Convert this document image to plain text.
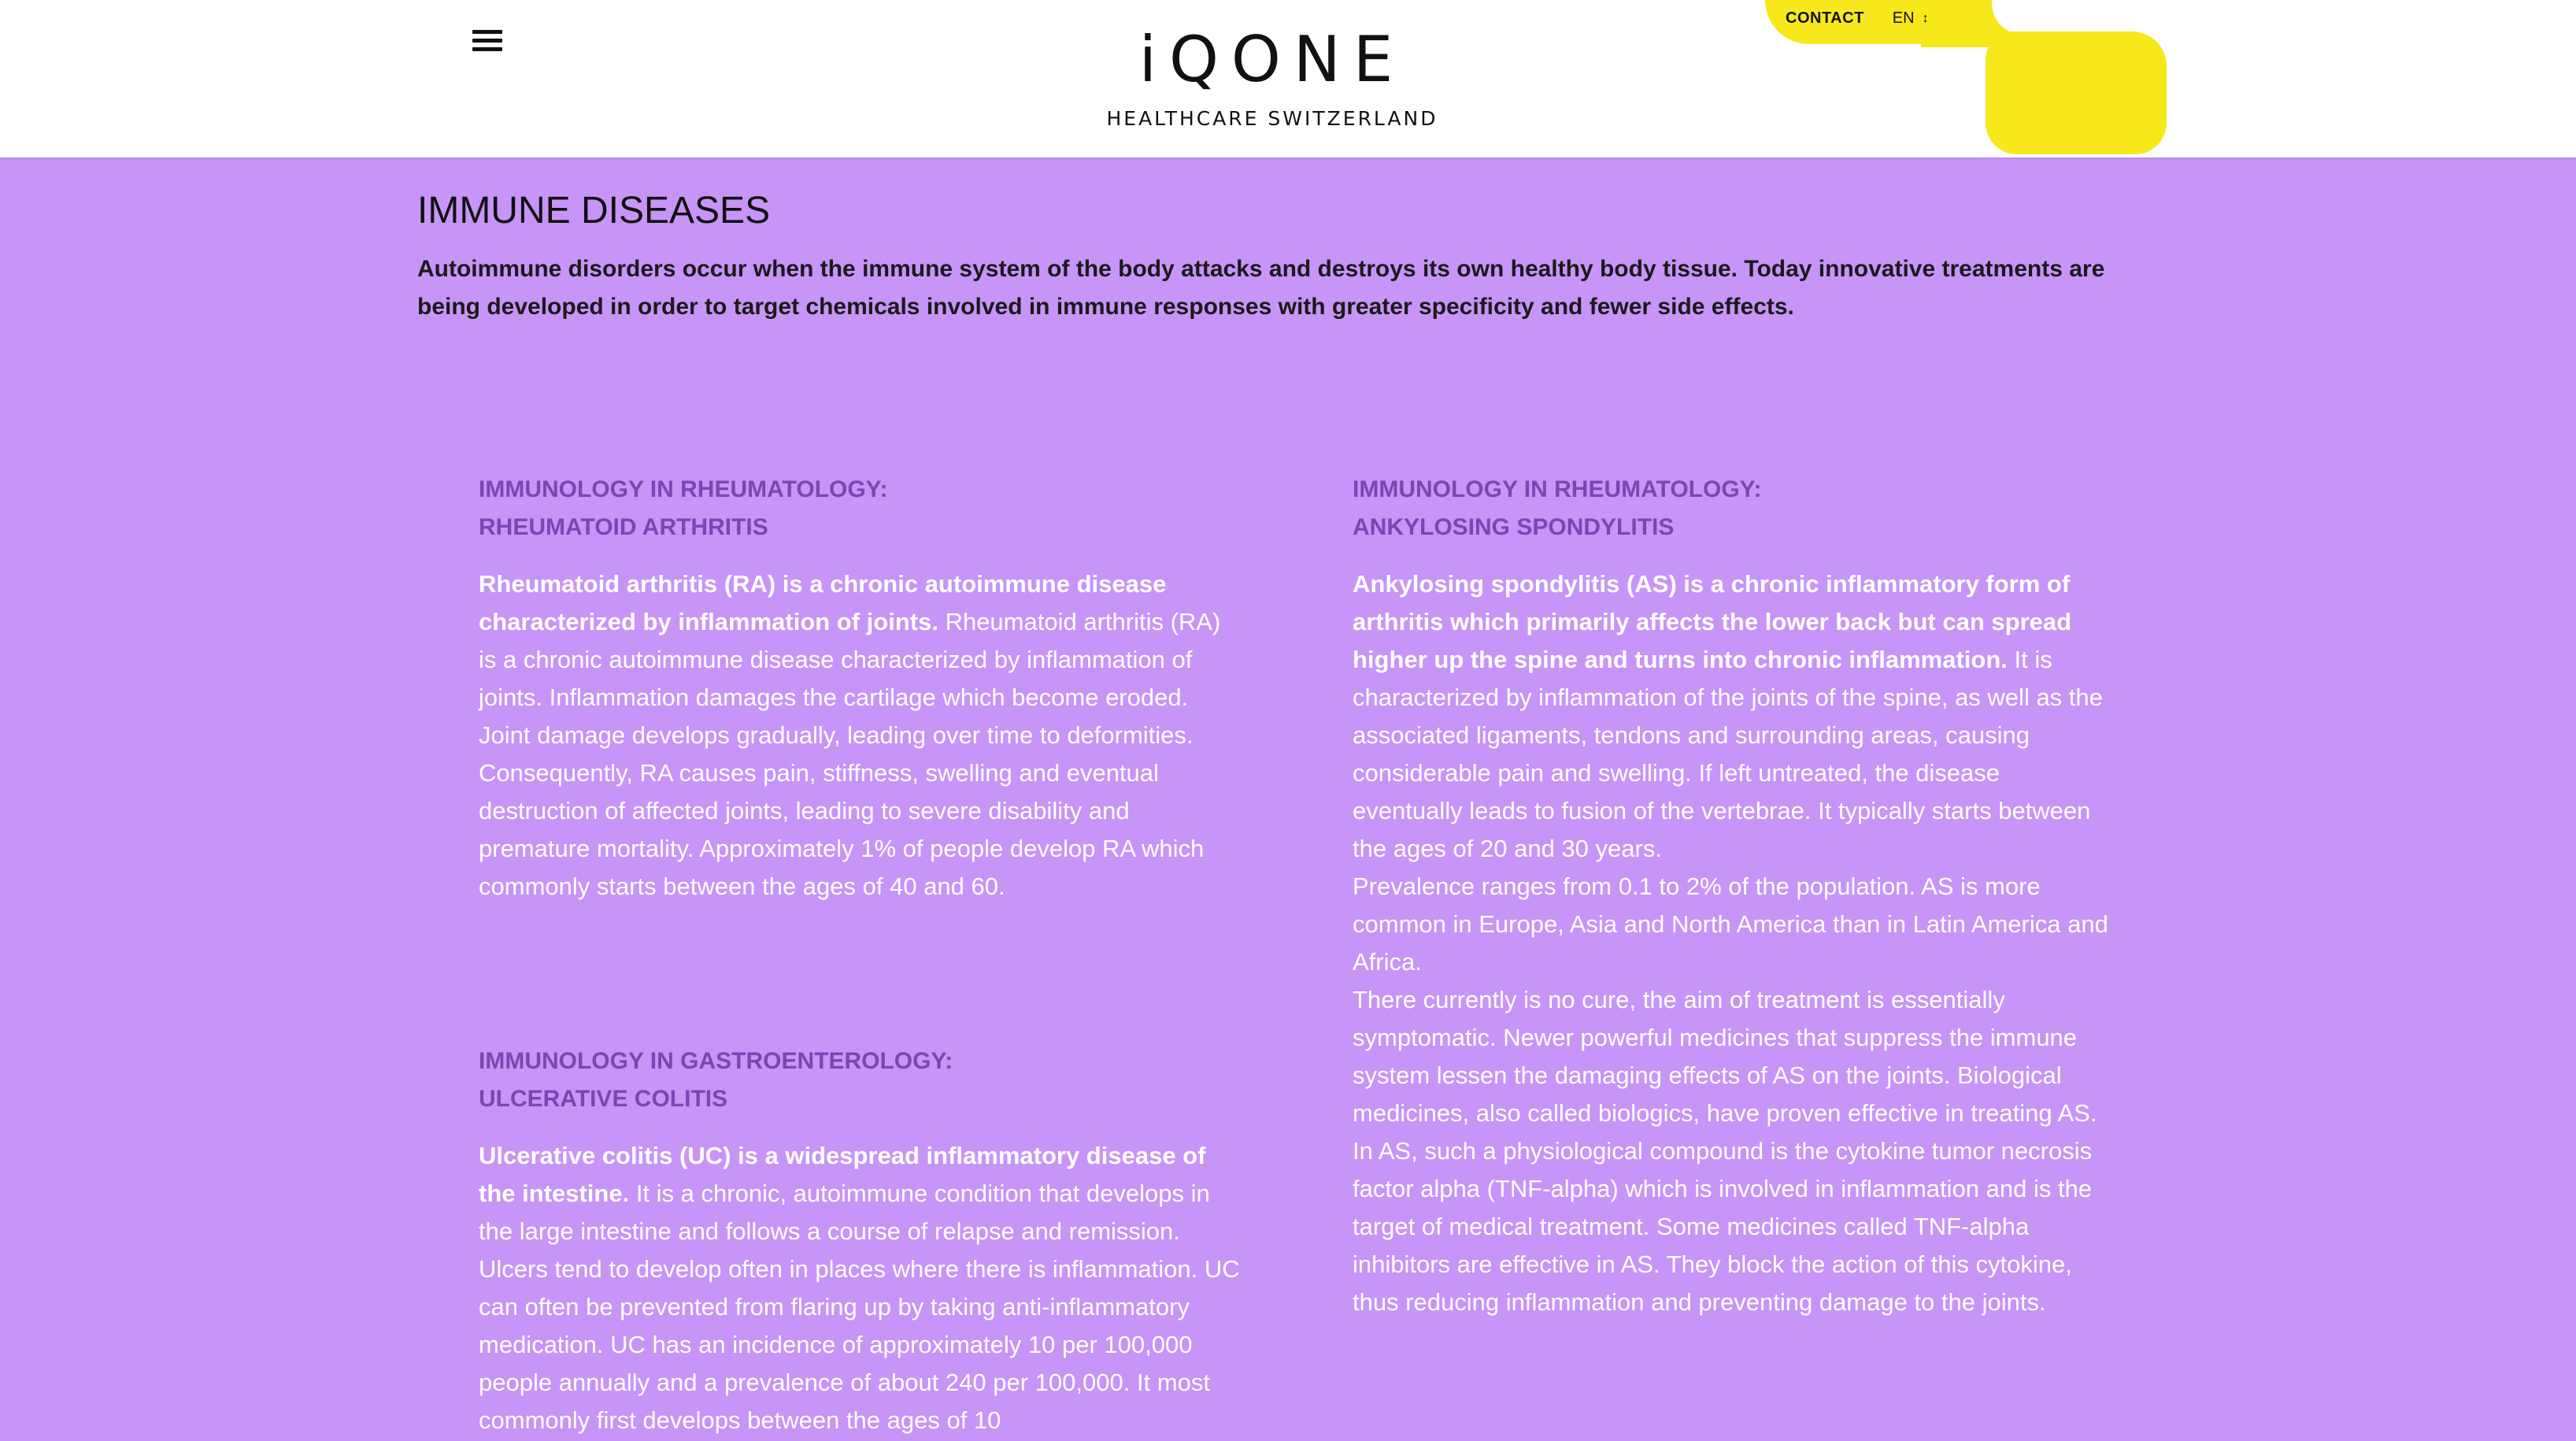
iQONE
HEALTHCARE SWITZERLAND
CONTACT EN ↕
IMMUNE DISEASES

Autoimmune disorders occur when the immune system of the body attacks and destroys its own healthy body tissue. Today innovative treatments are being developed in order to target chemicals involved in immune responses with greater specificity and fewer side effects.

IMMUNOLOGY IN RHEUMATOLOGY:
RHEUMATOID ARTHRITIS

Rheumatoid arthritis (RA) is a chronic autoimmune disease characterized by inflammation of joints. Rheumatoid arthritis (RA) is a chronic autoimmune disease characterized by inflammation of joints. Inflammation damages the cartilage which become eroded. Joint damage develops gradually, leading over time to deformities. Consequently, RA causes pain, stiffness, swelling and eventual destruction of affected joints, leading to severe disability and premature mortality. Approximately 1% of people develop RA which commonly starts between the ages of 40 and 60.

IMMUNOLOGY IN GASTROENTEROLOGY:
ULCERATIVE COLITIS

Ulcerative colitis (UC) is a widespread inflammatory disease of the intestine. It is a chronic, autoimmune condition that develops in the large intestine and follows a course of relapse and remission. Ulcers tend to develop often in places where there is inflammation. UC can often be prevented from flaring up by taking anti-inflammatory medication. UC has an incidence of approximately 10 per 100,000 people annually and a prevalence of about 240 per 100,000. It most commonly first develops between the ages of 10

IMMUNOLOGY IN RHEUMATOLOGY:
ANKYLOSING SPONDYLITIS

Ankylosing spondylitis (AS) is a chronic inflammatory form of arthritis which primarily affects the lower back but can spread higher up the spine and turns into chronic inflammation. It is characterized by inflammation of the joints of the spine, as well as the associated ligaments, tendons and surrounding areas, causing considerable pain and swelling. If left untreated, the disease eventually leads to fusion of the vertebrae. It typically starts between the ages of 20 and 30 years.

Prevalence ranges from 0.1 to 2% of the population. AS is more common in Europe, Asia and North America than in Latin America and Africa.

There currently is no cure, the aim of treatment is essentially symptomatic. Newer powerful medicines that suppress the immune system lessen the damaging effects of AS on the joints. Biological medicines, also called biologics, have proven effective in treating AS.

In AS, such a physiological compound is the cytokine tumor necrosis factor alpha (TNF-alpha) which is involved in inflammation and is the target of medical treatment. Some medicines called TNF-alpha inhibitors are effective in AS. They block the action of this cytokine, thus reducing inflammation and preventing damage to the joints.
